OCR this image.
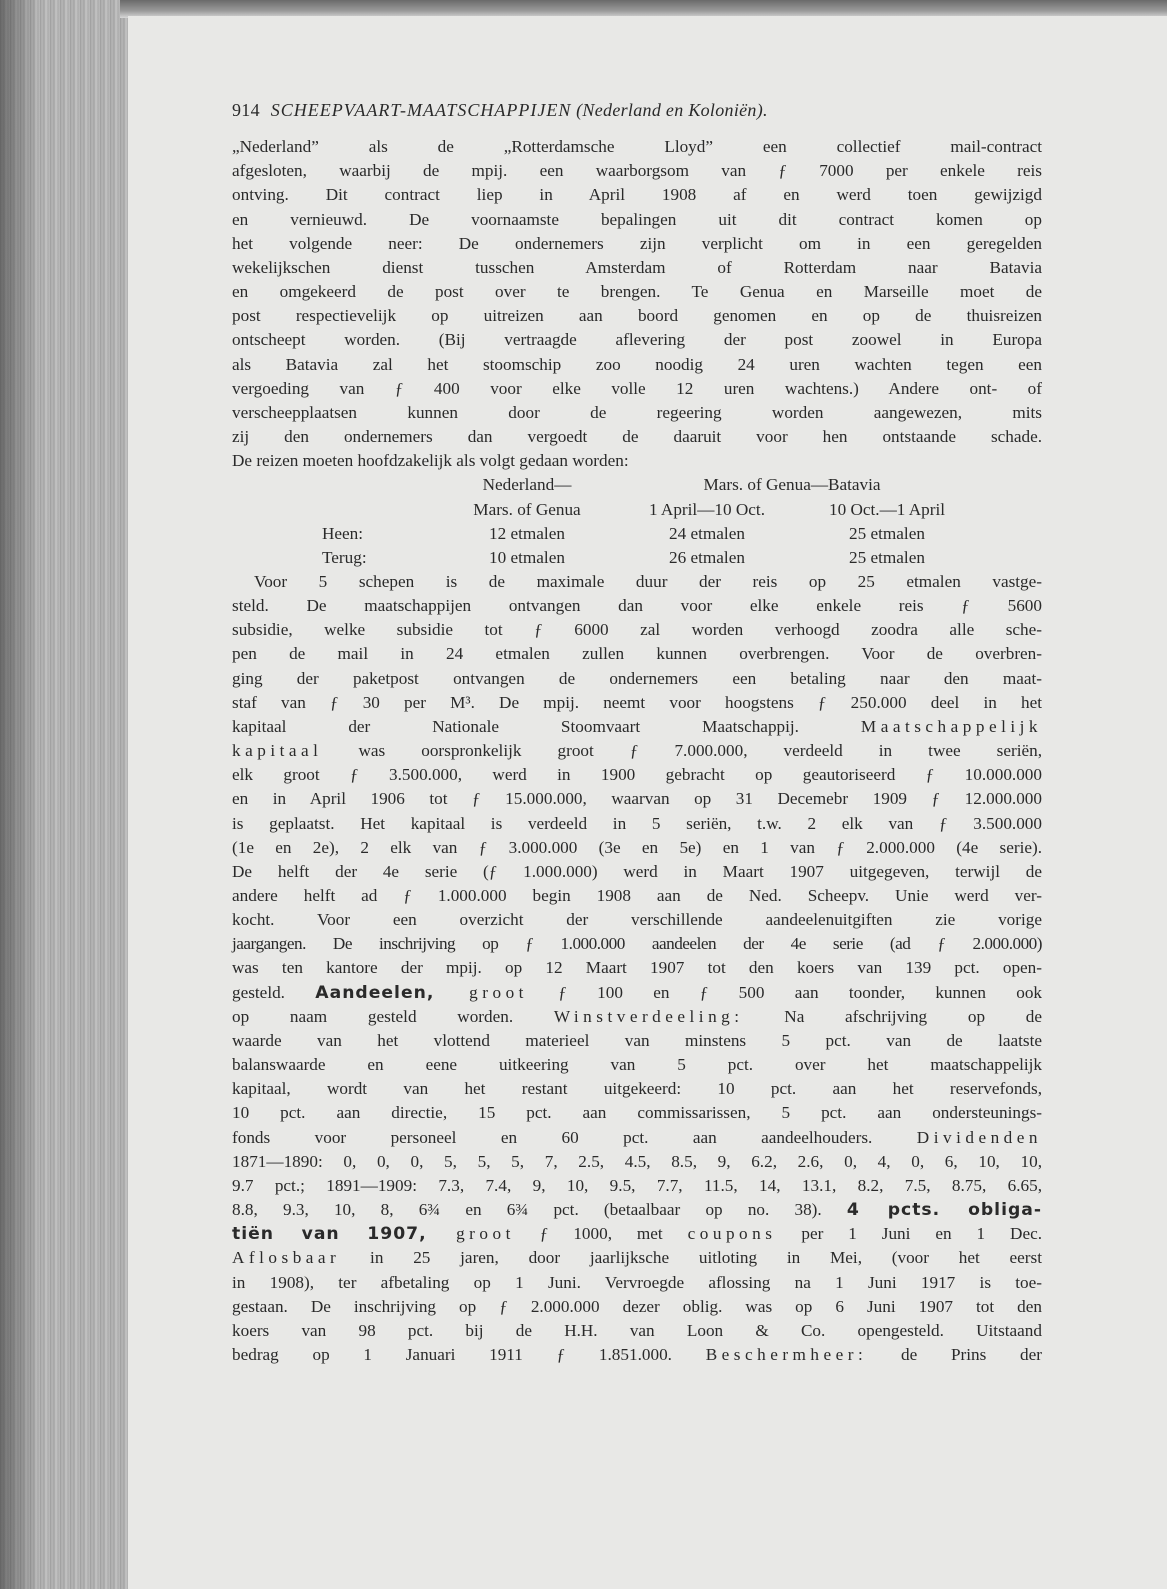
914 SCHEEPVAART-MAATSCHAPPIJEN (Nederland en Koloniën).

„Nederland” als de „Rotterdamsche Lloyd” een collectief mail-contract

afgesloten, waarbij de mpij. een waarborgsom van ƒ 7000 per enkele reis

ontving. Dit contract liep in April 1908 af en werd toen gewijzigd

en vernieuwd. De voornaamste bepalingen uit dit contract komen op

het volgende neer: De ondernemers zijn verplicht om in een geregelden

wekelijkschen dienst tusschen Amsterdam of Rotterdam naar Batavia

en omgekeerd de post over te brengen. Te Genua en Marseille moet de

post respectievelijk op uitreizen aan boord genomen en op de thuisreizen

ontscheept worden. (Bij vertraagde aflevering der post zoowel in Europa

als Batavia zal het stoomschip zoo noodig 24 uren wachten tegen een

vergoeding van ƒ 400 voor elke volle 12 uren wachtens.) Andere ont- of

verscheepplaatsen kunnen door de regeering worden aangewezen, mits

zij den ondernemers dan vergoedt de daaruit voor hen ontstaande schade.

De reizen moeten hoofdzakelijk als volgt gedaan worden:

	Nederland—	Mars. of Genua—Batavia	
	Mars. of Genua	1 April—10 Oct.	10 Oct.—1 April
Heen:	12 etmalen	24 etmalen	25 etmalen
Terug:	10 etmalen	26 etmalen	25 etmalen

Voor 5 schepen is de maximale duur der reis op 25 etmalen vastge-

steld. De maatschappijen ontvangen dan voor elke enkele reis ƒ 5600

subsidie, welke subsidie tot ƒ 6000 zal worden verhoogd zoodra alle sche-

pen de mail in 24 etmalen zullen kunnen overbrengen. Voor de overbren-

ging der paketpost ontvangen de ondernemers een betaling naar den maat-

staf van ƒ 30 per M³. De mpij. neemt voor hoogstens ƒ 250.000 deel in het

kapitaal der Nationale Stoomvaart Maatschappij. Maatschappelijk

kapitaal was oorspronkelijk groot ƒ 7.000.000, verdeeld in twee seriën,

elk groot ƒ 3.500.000, werd in 1900 gebracht op geautoriseerd ƒ 10.000.000

en in April 1906 tot ƒ 15.000.000, waarvan op 31 Decemebr 1909 ƒ 12.000.000

is geplaatst. Het kapitaal is verdeeld in 5 seriën, t.w. 2 elk van ƒ 3.500.000

(1e en 2e), 2 elk van ƒ 3.000.000 (3e en 5e) en 1 van ƒ 2.000.000 (4e serie).

De helft der 4e serie (ƒ 1.000.000) werd in Maart 1907 uitgegeven, terwijl de

andere helft ad ƒ 1.000.000 begin 1908 aan de Ned. Scheepv. Unie werd ver-

kocht. Voor een overzicht der verschillende aandeelenuitgiften zie vorige

jaargangen. De inschrijving op ƒ 1.000.000 aandeelen der 4e serie (ad ƒ 2.000.000)

was ten kantore der mpij. op 12 Maart 1907 tot den koers van 139 pct. open-

gesteld. Aandeelen, groot ƒ 100 en ƒ 500 aan toonder, kunnen ook

op naam gesteld worden. Winstverdeeling: Na afschrijving op de

waarde van het vlottend materieel van minstens 5 pct. van de laatste

balanswaarde en eene uitkeering van 5 pct. over het maatschappelijk

kapitaal, wordt van het restant uitgekeerd: 10 pct. aan het reservefonds,

10 pct. aan directie, 15 pct. aan commissarissen, 5 pct. aan ondersteunings-

fonds voor personeel en 60 pct. aan aandeelhouders. Dividenden

1871—1890: 0, 0, 0, 5, 5, 5, 7, 2.5, 4.5, 8.5, 9, 6.2, 2.6, 0, 4, 0, 6, 10, 10,

9.7 pct.; 1891—1909: 7.3, 7.4, 9, 10, 9.5, 7.7, 11.5, 14, 13.1, 8.2, 7.5, 8.75, 6.65,

8.8, 9.3, 10, 8, 6¾ en 6¾ pct. (betaalbaar op no. 38). 4 pcts. obliga-

tiën van 1907, groot ƒ 1000, met coupons per 1 Juni en 1 Dec.

Aflosbaar in 25 jaren, door jaarlijksche uitloting in Mei, (voor het eerst

in 1908), ter afbetaling op 1 Juni. Vervroegde aflossing na 1 Juni 1917 is toe-

gestaan. De inschrijving op ƒ 2.000.000 dezer oblig. was op 6 Juni 1907 tot den

koers van 98 pct. bij de H.H. van Loon & Co. opengesteld. Uitstaand

bedrag op 1 Januari 1911 ƒ 1.851.000. Beschermheer: de Prins der
